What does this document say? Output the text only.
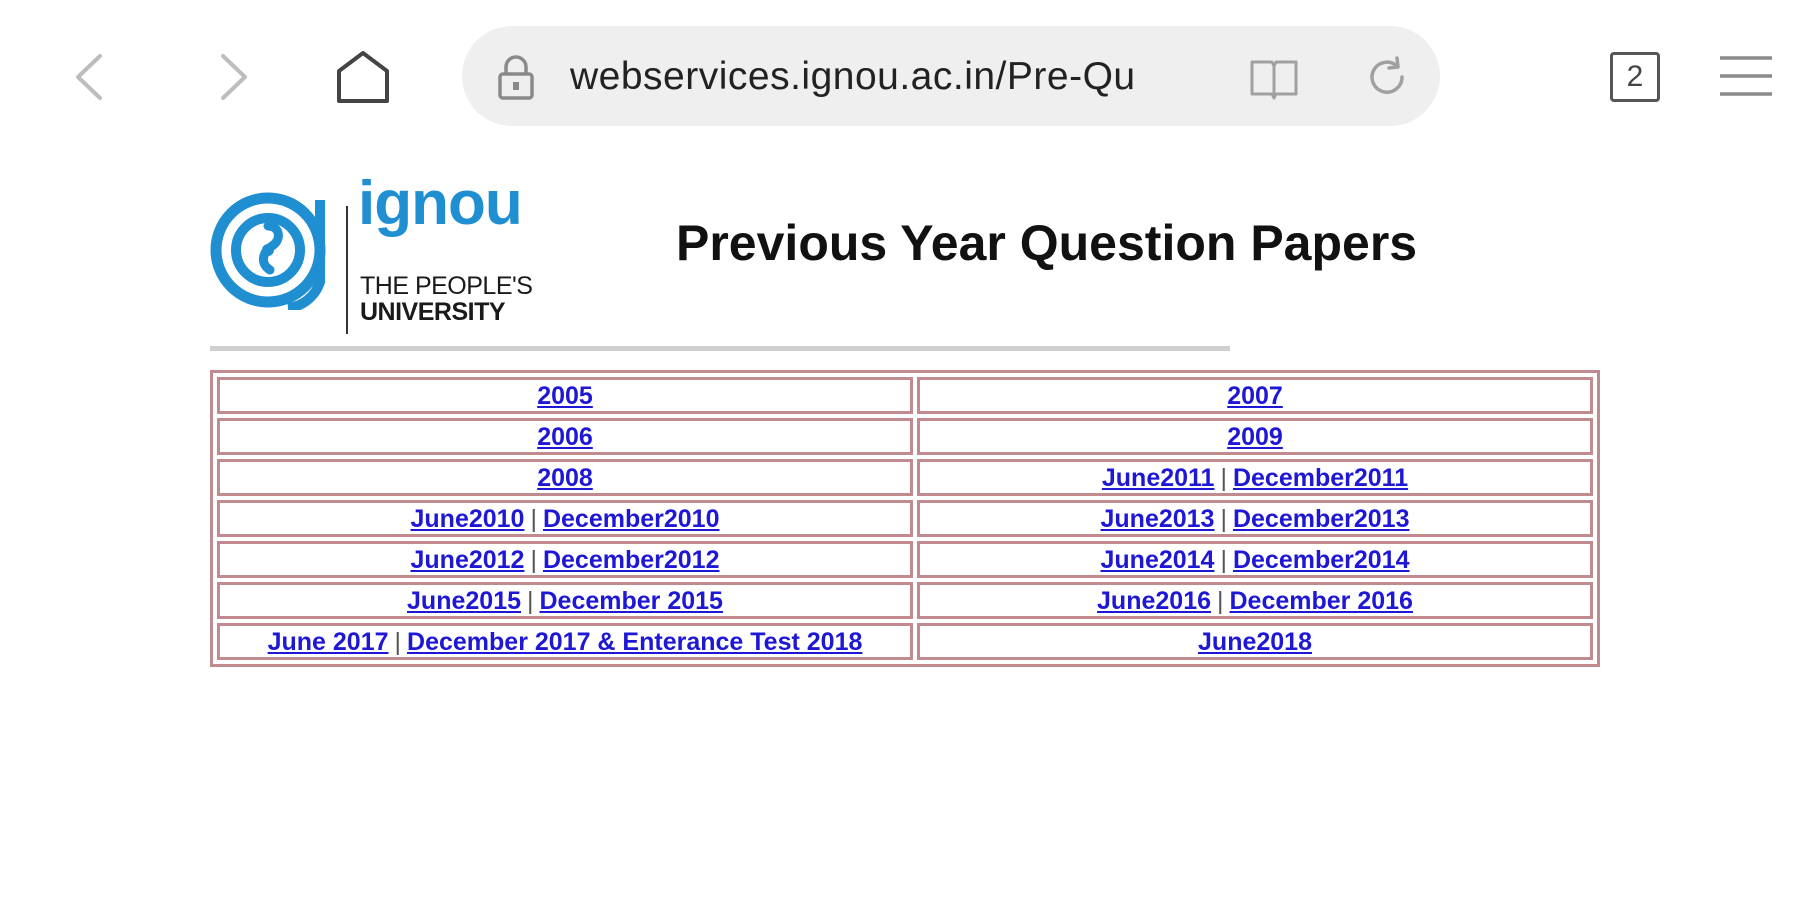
webservices.ignou.ac.in/Pre-Qu	2
ignou
THE PEOPLE'S
UNIVERSITY
Previous Year Question Papers
2005	2007
2006	2009
2008	June2011 | December2011
June2010 | December2010	June2013 | December2013
June2012 | December2012	June2014 | December2014
June2015 | December 2015	June2016 | December 2016
June 2017 | December 2017 & Enterance Test 2018	June2018
